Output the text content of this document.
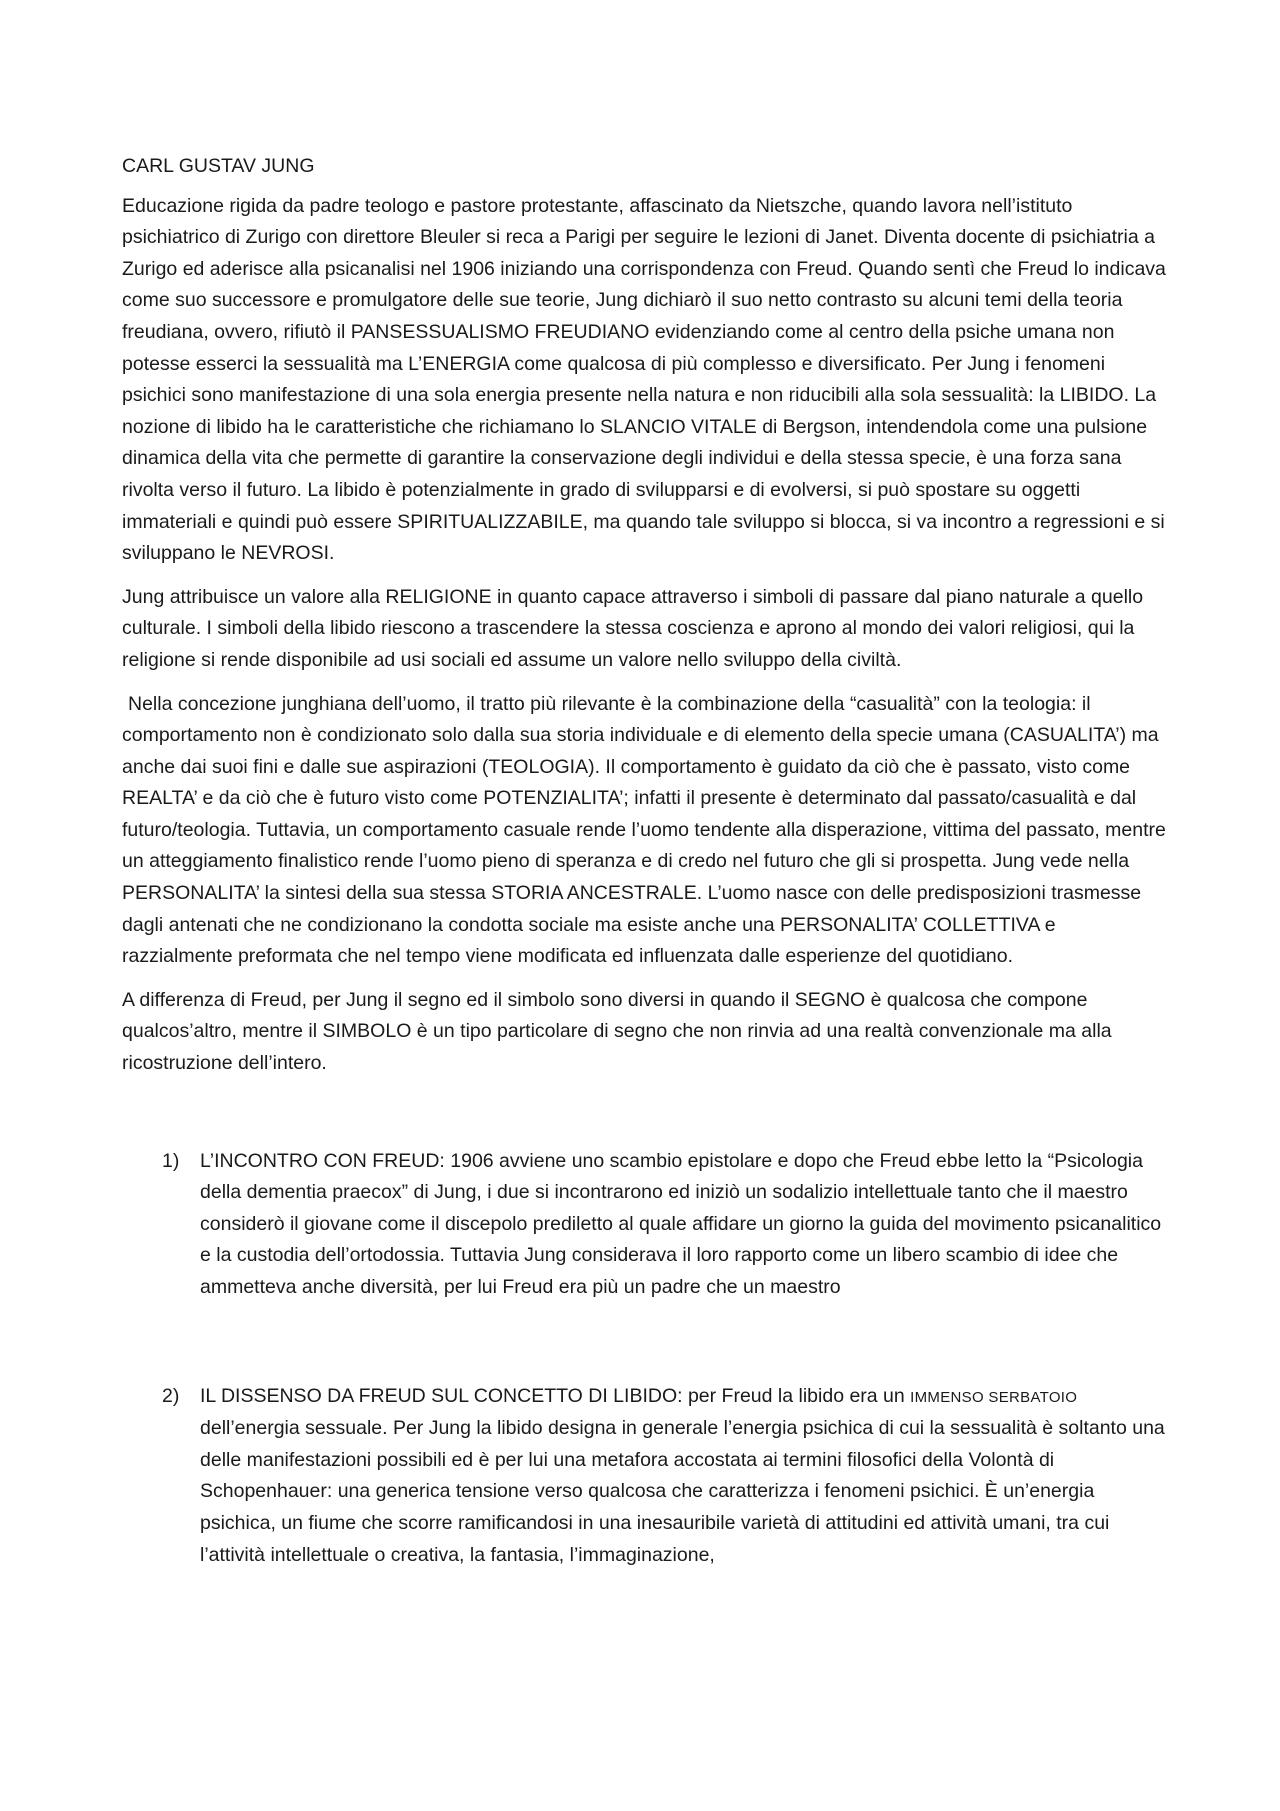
CARL GUSTAV JUNG

Educazione rigida da padre teologo e pastore protestante, affascinato da Nietszche, quando lavora nell’istituto psichiatrico di Zurigo con direttore Bleuler si reca a Parigi per seguire le lezioni di Janet. Diventa docente di psichiatria a Zurigo ed aderisce alla psicanalisi nel 1906 iniziando una corrispondenza con Freud. Quando sentì che Freud lo indicava come suo successore e promulgatore delle sue teorie, Jung dichiarò il suo netto contrasto su alcuni temi della teoria freudiana, ovvero, rifiutò il PANSESSUALISMO FREUDIANO evidenziando come al centro della psiche umana non potesse esserci la sessualità ma L’ENERGIA come qualcosa di più complesso e diversificato. Per Jung i fenomeni psichici sono manifestazione di una sola energia presente nella natura e non riducibili alla sola sessualità: la LIBIDO. La nozione di libido ha le caratteristiche che richiamano lo SLANCIO VITALE di Bergson, intendendola come una pulsione dinamica della vita che permette di garantire la conservazione degli individui e della stessa specie, è una forza sana rivolta verso il futuro. La libido è potenzialmente in grado di svilupparsi e di evolversi, si può spostare su oggetti immateriali e quindi può essere SPIRITUALIZZABILE, ma quando tale sviluppo si blocca, si va incontro a regressioni e si sviluppano le NEVROSI.

Jung attribuisce un valore alla RELIGIONE in quanto capace attraverso i simboli di passare dal piano naturale a quello culturale. I simboli della libido riescono a trascendere la stessa coscienza e aprono al mondo dei valori religiosi, qui la religione si rende disponibile ad usi sociali ed assume un valore nello sviluppo della civiltà.

Nella concezione junghiana dell’uomo, il tratto più rilevante è la combinazione della “casualità” con la teologia: il comportamento non è condizionato solo dalla sua storia individuale e di elemento della specie umana (CASUALITA’) ma anche dai suoi fini e dalle sue aspirazioni (TEOLOGIA). Il comportamento è guidato da ciò che è passato, visto come REALTA’ e da ciò che è futuro visto come POTENZIALITA’; infatti il presente è determinato dal passato/casualità e dal futuro/teologia. Tuttavia, un comportamento casuale rende l’uomo tendente alla disperazione, vittima del passato, mentre un atteggiamento finalistico rende l’uomo pieno di speranza e di credo nel futuro che gli si prospetta. Jung vede nella PERSONALITA’ la sintesi della sua stessa STORIA ANCESTRALE. L’uomo nasce con delle predisposizioni trasmesse dagli antenati che ne condizionano la condotta sociale ma esiste anche una PERSONALITA’ COLLETTIVA e razzialmente preformata che nel tempo viene modificata ed influenzata dalle esperienze del quotidiano.

A differenza di Freud, per Jung il segno ed il simbolo sono diversi in quando il SEGNO è qualcosa che compone qualcos’altro, mentre il SIMBOLO è un tipo particolare di segno che non rinvia ad una realtà convenzionale ma alla ricostruzione dell’intero.

1) L’INCONTRO CON FREUD: 1906 avviene uno scambio epistolare e dopo che Freud ebbe letto la “Psicologia della dementia praecox” di Jung, i due si incontrarono ed iniziò un sodalizio intellettuale tanto che il maestro considerò il giovane come il discepolo prediletto al quale affidare un giorno la guida del movimento psicanalitico e la custodia dell’ortodossia. Tuttavia Jung considerava il loro rapporto come un libero scambio di idee che ammetteva anche diversità, per lui Freud era più un padre che un maestro
2) IL DISSENSO DA FREUD SUL CONCETTO DI LIBIDO: per Freud la libido era un IMMENSO SERBATOIO dell’energia sessuale. Per Jung la libido designa in generale l’energia psichica di cui la sessualità è soltanto una delle manifestazioni possibili ed è per lui una metafora accostata ai termini filosofici della Volontà di Schopenhauer: una generica tensione verso qualcosa che caratterizza i fenomeni psichici. È un’energia psichica, un fiume che scorre ramificandosi in una inesauribile varietà di attitudini ed attività umani, tra cui l’attività intellettuale o creativa, la fantasia, l’immaginazione,
